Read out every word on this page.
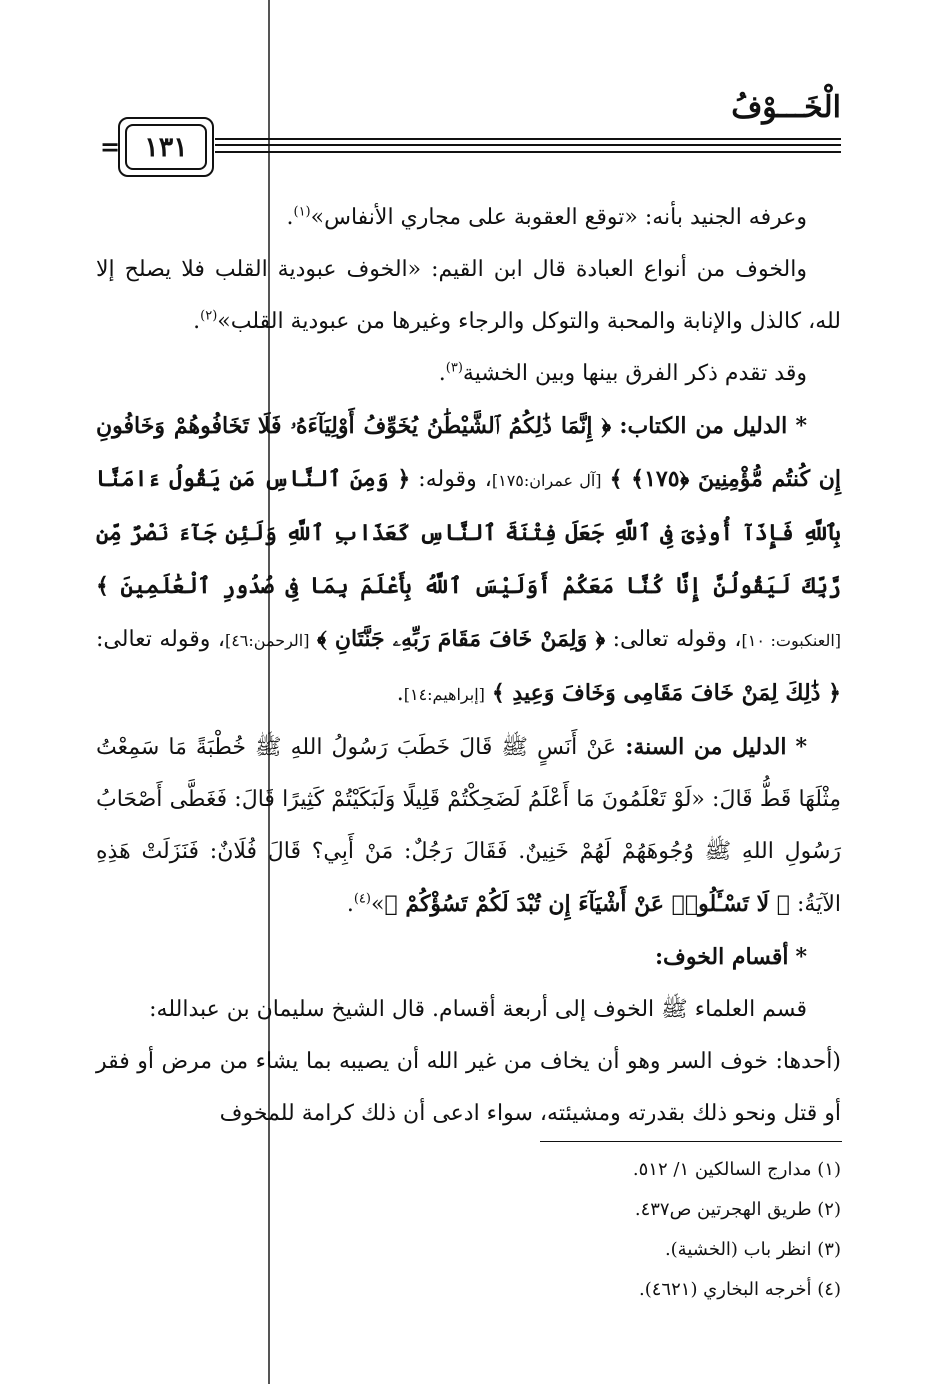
الْخَـــوْفُ
= ١٣١

وعرفه الجنيد بأنه: «توقع العقوبة على مجاري الأنفاس»$^{(١)}$.

والخوف من أنواع العبادة قال ابن القيم: «الخوف عبودية القلب فلا يصلح إلا لله، كالذل والإنابة والمحبة والتوكل والرجاء وغيرها من عبودية القلب»$^{(٢)}$.

وقد تقدم ذكر الفرق بينها وبين الخشية$^{(٣)}$.

* الدليل من الكتاب: ﴿ إِنَّمَا ذَٰلِكُمُ ٱلشَّيْطَٰنُ يُخَوِّفُ أَوْلِيَآءَهُۥ فَلَا تَخَافُوهُمْ وَخَافُونِ إِن كُنتُم مُّؤْمِنِينَ ﴿١٧٥﴾ ﴾ [آل عمران:١٧٥]، وقوله: ﴿ وَمِنَ ٱلنَّاسِ مَن يَقُولُ ءَامَنَّا بِٱللَّهِ فَإِذَآ أُوذِىَ فِى ٱللَّهِ جَعَلَ فِتْنَةَ ٱلنَّاسِ كَعَذَابِ ٱللَّهِ وَلَئِن جَآءَ نَصْرٌ مِّن رَّبِّكَ لَيَقُولُنَّ إِنَّا كُنَّا مَعَكُمْ أَوَلَيْسَ ٱللَّهُ بِأَعْلَمَ بِمَا فِى صُدُورِ ٱلْعَٰلَمِينَ ﴾ [العنكبوت: ١٠]، وقوله تعالى: ﴿ وَلِمَنْ خَافَ مَقَامَ رَبِّهِۦ جَنَّتَانِ ﴾ [الرحمن:٤٦]، وقوله تعالى: ﴿ ذَٰلِكَ لِمَنْ خَافَ مَقَامِى وَخَافَ وَعِيدِ ﴾ [إبراهيم:١٤].

* الدليل من السنة: عَنْ أَنَسٍ ﷺ قَالَ خَطَبَ رَسُولُ اللهِ ﷺ خُطْبَةً مَا سَمِعْتُ مِثْلَهَا قَطُّ قَالَ: «لَوْ تَعْلَمُونَ مَا أَعْلَمُ لَضَحِكْتُمْ قَلِيلًا وَلَبَكَيْتُمْ كَثِيرًا قَالَ: فَغَطَّى أَصْحَابُ رَسُولِ اللهِ ﷺ وُجُوهَهُمْ لَهُمْ خَنِينٌ. فَقَالَ رَجُلٌ: مَنْ أَبِي؟ قَالَ فُلَانٌ: فَنَزَلَتْ هَذِهِ الآيَةُ: ﴿ لَا تَسْـَٔلُوا۟ عَنْ أَشْيَآءَ إِن تُبْدَ لَكُمْ تَسُؤْكُمْ ﴾»$^{(٤)}$.

* أقسام الخوف:

قسم العلماء ﷺ الخوف إلى أربعة أقسام. قال الشيخ سليمان بن عبدالله:

(أحدها: خوف السر وهو أن يخاف من غير الله أن يصيبه بما يشاء من مرض أو فقر أو قتل ونحو ذلك بقدرته ومشيئته، سواء ادعى أن ذلك كرامة للمخوف

(١) مدارج السالكين ١/ ٥١٢.

(٢) طريق الهجرتين ص٤٣٧.

(٣) انظر باب (الخشية).

(٤) أخرجه البخاري (٤٦٢١).
